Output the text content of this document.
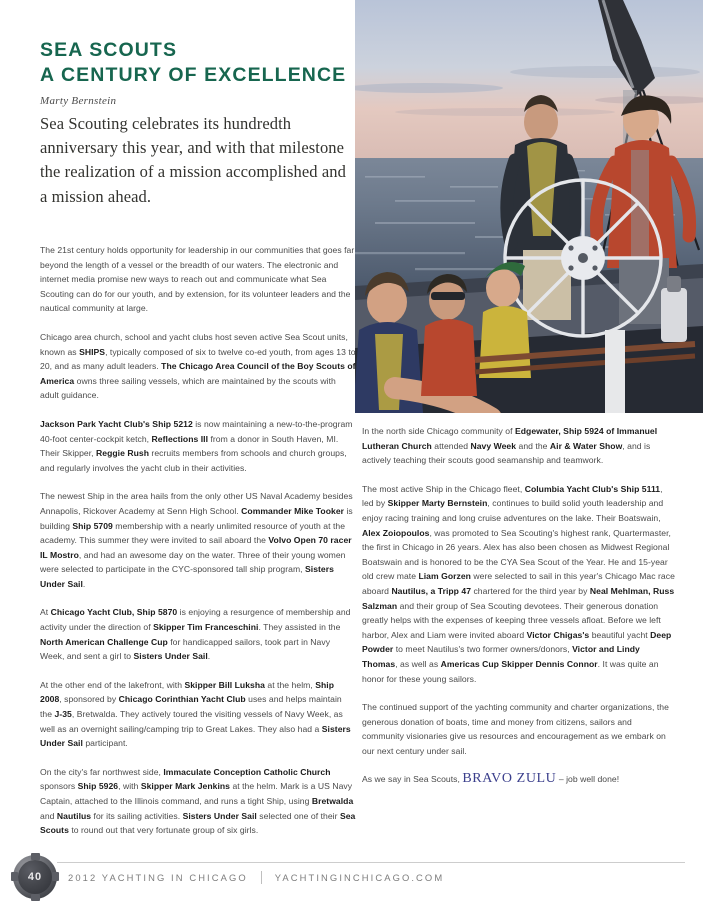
SEA SCOUTS
A CENTURY OF EXCELLENCE
Marty Bernstein
Sea Scouting celebrates its hundredth anniversary this year, and with that milestone the realization of a mission accomplished and a mission ahead.

The 21st century holds opportunity for leadership in our communities that goes far beyond the length of a vessel or the breadth of our waters. The electronic and internet media promise new ways to reach out and communicate what Sea Scouting can do for our youth, and by extension, for its volunteer leaders and the nautical community at large.

Chicago area church, school and yacht clubs host seven active Sea Scout units, known as SHIPS, typically composed of six to twelve co-ed youth, from ages 13 to 20, and as many adult leaders. The Chicago Area Council of the Boy Scouts of America owns three sailing vessels, which are maintained by the scouts with adult guidance.

Jackson Park Yacht Club's Ship 5212 is now maintaining a new-to-the-program 40-foot center-cockpit ketch, Reflections III from a donor in South Haven, MI. Their Skipper, Reggie Rush recruits members from schools and church groups, and regularly involves the yacht club in their activities.

The newest Ship in the area hails from the only other US Naval Academy besides Annapolis, Rickover Academy at Senn High School. Commander Mike Tooker is building Ship 5709 membership with a nearly unlimited resource of youth at the academy. This summer they were invited to sail aboard the Volvo Open 70 racer IL Mostro, and had an awesome day on the water. Three of their young women were selected to participate in the CYC-sponsored tall ship program, Sisters Under Sail.

At Chicago Yacht Club, Ship 5870 is enjoying a resurgence of membership and activity under the direction of Skipper Tim Franceschini. They assisted in the North American Challenge Cup for handicapped sailors, took part in Navy Week, and sent a girl to Sisters Under Sail.

At the other end of the lakefront, with Skipper Bill Luksha at the helm, Ship 2008, sponsored by Chicago Corinthian Yacht Club uses and helps maintain the J-35, Bretwalda. They actively toured the visiting vessels of Navy Week, as well as an overnight sailing/camping trip to Great Lakes. They also had a Sisters Under Sail participant.

On the city's far northwest side, Immaculate Conception Catholic Church sponsors Ship 5926, with Skipper Mark Jenkins at the helm. Mark is a US Navy Captain, attached to the Illinois command, and runs a tight Ship, using Bretwalda and Nautilus for its sailing activities. Sisters Under Sail selected one of their Sea Scouts to round out that very fortunate group of six girls.

In the north side Chicago community of Edgewater, Ship 5924 of Immanuel Lutheran Church attended Navy Week and the Air & Water Show, and is actively teaching their scouts good seamanship and teamwork.

The most active Ship in the Chicago fleet, Columbia Yacht Club's Ship 5111, led by Skipper Marty Bernstein, continues to build solid youth leadership and enjoy racing training and long cruise adventures on the lake. Their Boatswain, Alex Zoiopoulos, was promoted to Sea Scouting's highest rank, Quartermaster, the first in Chicago in 26 years. Alex has also been chosen as Midwest Regional Boatswain and is honored to be the CYA Sea Scout of the Year. He and 15-year old crew mate Liam Gorzen were selected to sail in this year's Chicago Mac race aboard Nautilus, a Tripp 47 chartered for the third year by Neal Mehlman, Russ Salzman and their group of Sea Scouting devotees. Their generous donation greatly helps with the expenses of keeping three vessels afloat. Before we left harbor, Alex and Liam were invited aboard Victor Chigas's beautiful yacht Deep Powder to meet Nautilus's two former owners/donors, Victor and Lindy Thomas, as well as Americas Cup Skipper Dennis Connor. It was quite an honor for these young sailors.

The continued support of the yachting community and charter organizations, the generous donation of boats, time and money from citizens, sailors and community visionaries give us resources and encouragement as we embark on our next century under sail.

As we say in Sea Scouts, BRAVO ZULU – job well done!

40	2012 YACHTING IN CHICAGO	YACHTINGINCHICAGO.COM
